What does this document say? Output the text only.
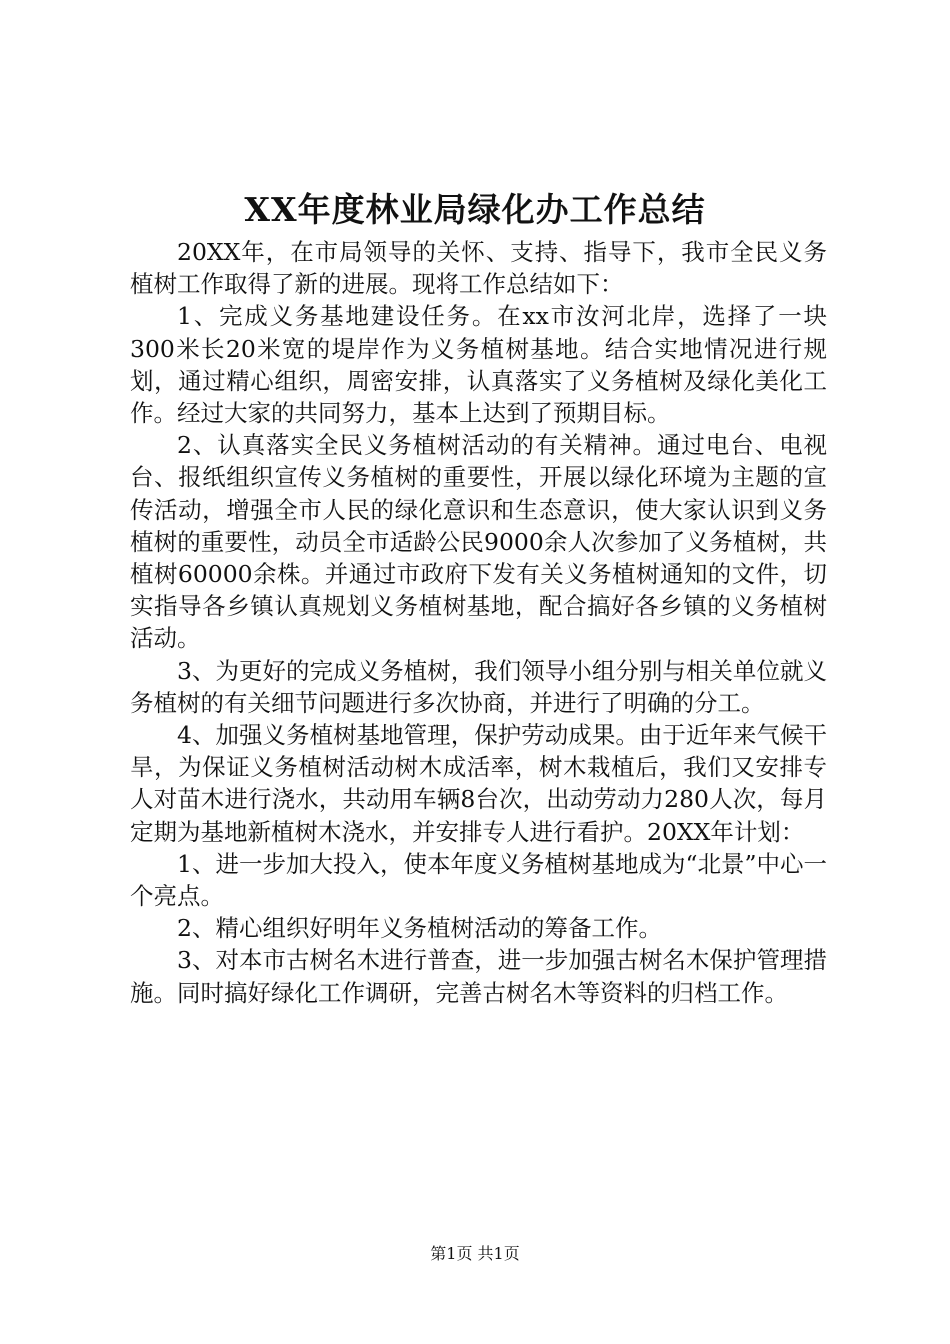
XX年度林业局绿化办工作总结

20XX年，在市局领导的关怀、支持、指导下，我市全民义务植树工作取得了新的进展。现将工作总结如下：

1、完成义务基地建设任务。在xx市汝河北岸，选择了一块300米长20米宽的堤岸作为义务植树基地。结合实地情况进行规划，通过精心组织，周密安排，认真落实了义务植树及绿化美化工作。经过大家的共同努力，基本上达到了预期目标。

2、认真落实全民义务植树活动的有关精神。通过电台、电视台、报纸组织宣传义务植树的重要性，开展以绿化环境为主题的宣传活动，增强全市人民的绿化意识和生态意识，使大家认识到义务植树的重要性，动员全市适龄公民9000余人次参加了义务植树，共植树60000余株。并通过市政府下发有关义务植树通知的文件，切实指导各乡镇认真规划义务植树基地，配合搞好各乡镇的义务植树活动。

3、为更好的完成义务植树，我们领导小组分别与相关单位就义务植树的有关细节问题进行多次协商，并进行了明确的分工。

4、加强义务植树基地管理，保护劳动成果。由于近年来气候干旱，为保证义务植树活动树木成活率，树木栽植后，我们又安排专人对苗木进行浇水，共动用车辆8台次，出动劳动力280人次，每月定期为基地新植树木浇水，并安排专人进行看护。20XX年计划：

1、进一步加大投入，使本年度义务植树基地成为“北景”中心一个亮点。

2、精心组织好明年义务植树活动的筹备工作。

3、对本市古树名木进行普查，进一步加强古树名木保护管理措施。同时搞好绿化工作调研，完善古树名木等资料的归档工作。

第1页 共1页
